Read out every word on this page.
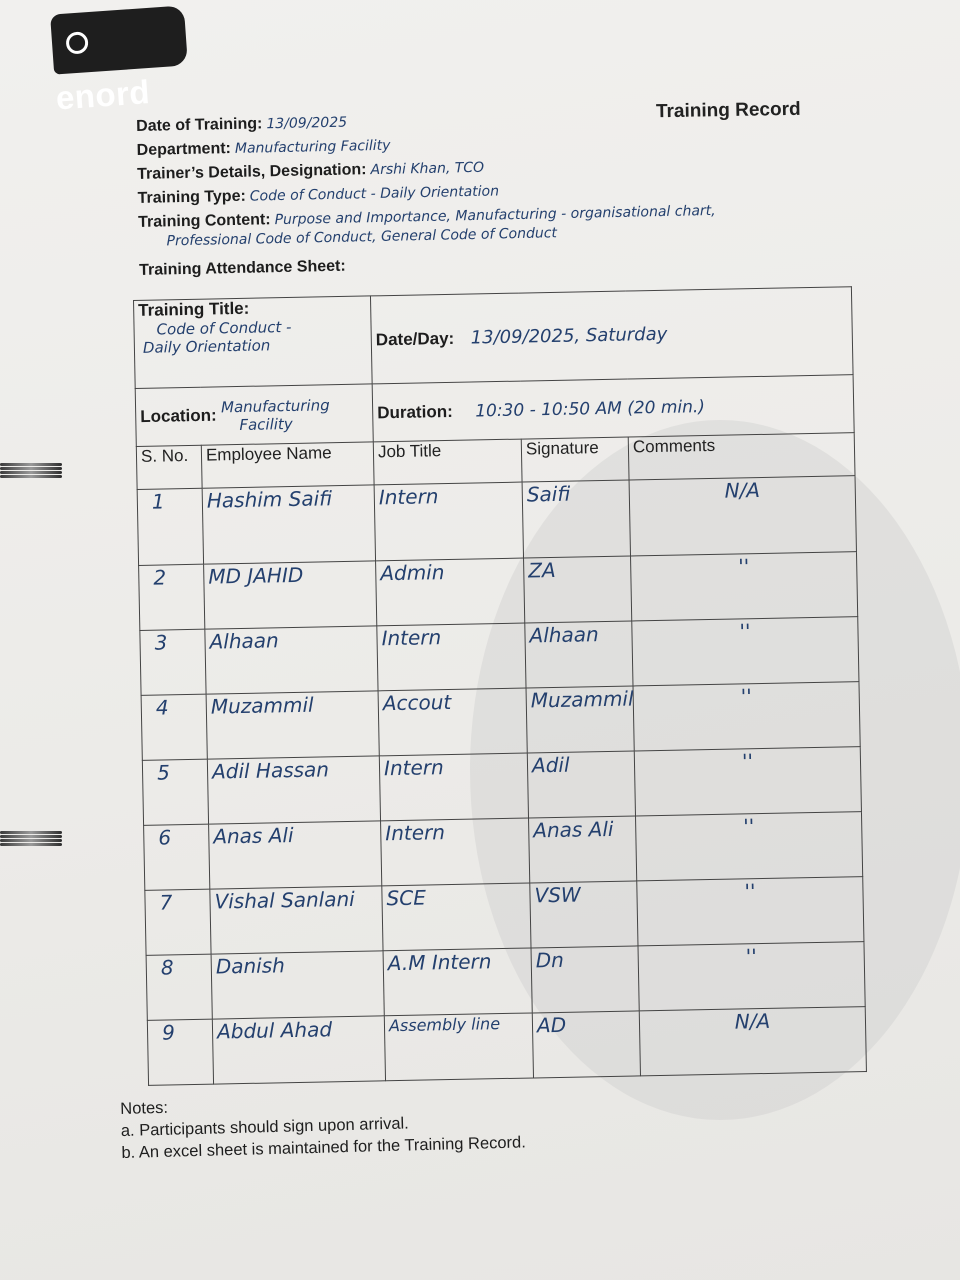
enord	Training Record
Date of Training: 13/09/2025
Department: Manufacturing Facility
Trainer’s Details, Designation: Arshi Khan, TCO
Training Type: Code of Conduct - Daily Orientation
Training Content: Purpose and Importance, Manufacturing - organisational chart,
Professional Code of Conduct, General Code of Conduct
Training Attendance Sheet:
Training Title:
Code of Conduct -
Daily Orientation		Date/Day: 13/09/2025, Saturday		
Location: Manufacturing
Facility		Duration: 10:30 - 10:50 AM (20 min.)		
S. No.	Employee Name	Job Title	Signature	Comments
1	Hashim Saifi	Intern	Saifi	N/A
2	MD JAHID	Admin	ZA	''
3	Alhaan	Intern	Alhaan	''
4	Muzammil	Accout	Muzammil	''
5	Adil Hassan	Intern	Adil	''
6	Anas Ali	Intern	Anas Ali	''
7	Vishal Sanlani	SCE	VSW	''
8	Danish	A.M Intern	Dn	''
9	Abdul Ahad	Assembly line	AD	N/A
Notes:
a. Participants should sign upon arrival.
b. An excel sheet is maintained for the Training Record.
